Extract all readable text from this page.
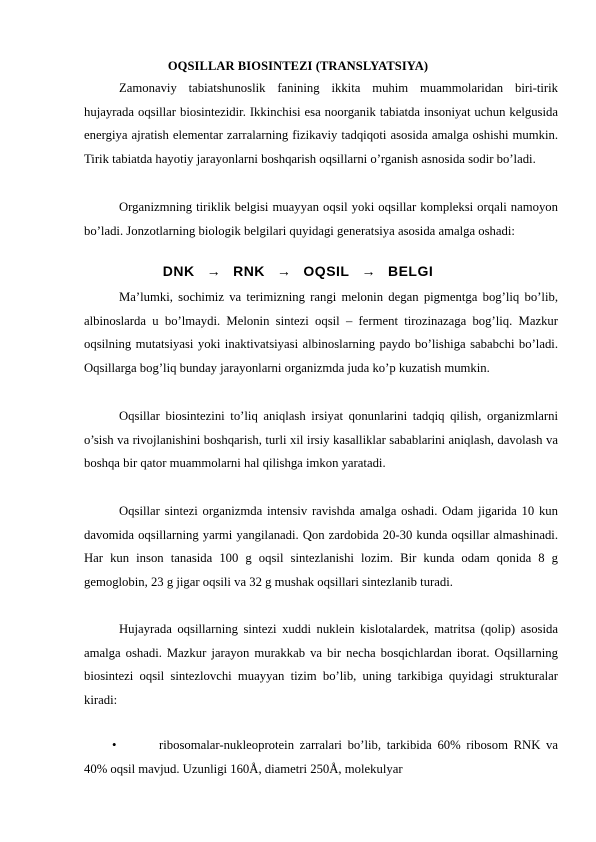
OQSILLAR BIOSINTEZI (TRANSLYATSIYA)

Zamonaviy tabiatshunoslik fanining ikkita muhim muammolaridan biri-tirik hujayrada oqsillar biosintezidir. Ikkinchisi esa noorganik tabiatda insoniyat uchun kelgusida energiya ajratish elementar zarralarning fizikaviy tadqiqoti asosida amalga oshishi mumkin. Tirik tabiatda hayotiy jarayonlarni boshqarish oqsillarni o’rganish asnosida sodir bo’ladi.

Organizmning tiriklik belgisi muayyan oqsil yoki oqsillar kompleksi orqali namoyon bo’ladi. Jonzotlarning biologik belgilari quyidagi generatsiya asosida amalga oshadi:

DNK → RNK → OQSIL → BELGI

Ma’lumki, sochimiz va terimizning rangi melonin degan pigmentga bog’liq bo’lib, albinoslarda u bo’lmaydi. Melonin sintezi oqsil – ferment tirozinazaga bog’liq. Mazkur oqsilning mutatsiyasi yoki inaktivatsiyasi albinoslarning paydo bo’lishiga sababchi bo’ladi. Oqsillarga bog’liq bunday jarayonlarni organizmda juda ko’p kuzatish mumkin.

Oqsillar biosintezini to’liq aniqlash irsiyat qonunlarini tadqiq qilish, organizmlarni o’sish va rivojlanishini boshqarish, turli xil irsiy kasalliklar sabablarini aniqlash, davolash va boshqa bir qator muammolarni hal qilishga imkon yaratadi.

Oqsillar sintezi organizmda intensiv ravishda amalga oshadi. Odam jigarida 10 kun davomida oqsillarning yarmi yangilanadi. Qon zardobida 20-30 kunda oqsillar almashinadi. Har kun inson tanasida 100 g oqsil sintezlanishi lozim. Bir kunda odam qonida 8 g gemoglobin, 23 g jigar oqsili va 32 g mushak oqsillari sintezlanib turadi.

Hujayrada oqsillarning sintezi xuddi nuklein kislotalardek, matritsa (qolip) asosida amalga oshadi. Mazkur jarayon murakkab va bir necha bosqichlardan iborat. Oqsillarning biosintezi oqsil sintezlovchi muayyan tizim bo’lib, uning tarkibiga quyidagi strukturalar kiradi:

•	ribosomalar-nukleoprotein zarralari bo’lib, tarkibida 60% ribosom RNK va 40% oqsil mavjud. Uzunligi 160Å, diametri 250Å, molekulyar
